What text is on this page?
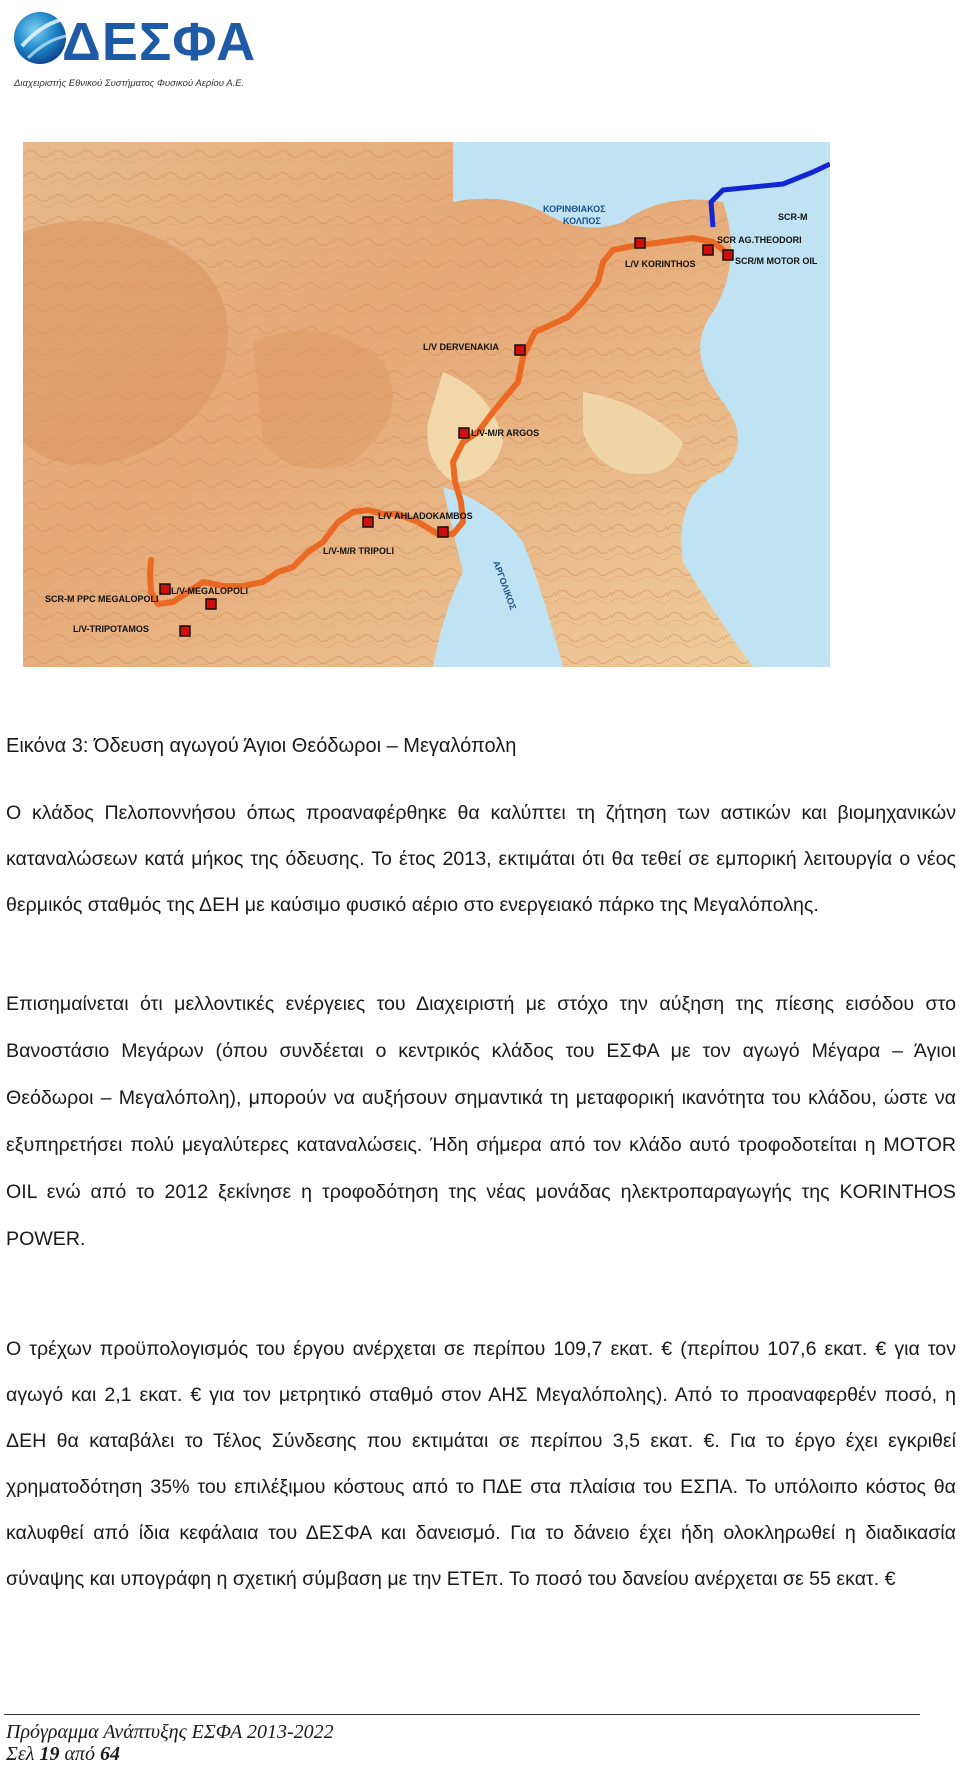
ΔΕΣΦΑ
Διαχειριστής Εθνικού Συστήματος Φυσικού Αερίου Α.Ε.
ΚΟΡΙΝΘΙΑΚΟΣ
ΚΟΛΠΟΣ
ΑΡΓΟΛΙΚΟΣ
SCR AG.THEODORI
SCR/M MOTOR OIL
L/V KORINTHOS
L/V DERVENAKIA
L/V-M/R ARGOS
L/V AHLADOKAMBOS
L/V-M/R TRIPOLI
L/V-MEGALOPOLI
SCR-M PPC MEGALOPOLI
L/V-TRIPOTAMOS
SCR-M
Εικόνα 3: Όδευση αγωγού Άγιοι Θεόδωροι – Μεγαλόπολη

Ο κλάδος Πελοποννήσου όπως προαναφέρθηκε θα καλύπτει τη ζήτηση των αστικών και βιομηχανικών καταναλώσεων κατά μήκος της όδευσης. Το έτος 2013, εκτιμάται ότι θα τεθεί σε εμπορική λειτουργία ο νέος θερμικός σταθμός της ΔΕΗ με καύσιμο φυσικό αέριο στο ενεργειακό πάρκο της Μεγαλόπολης.

Επισημαίνεται ότι μελλοντικές ενέργειες του Διαχειριστή με στόχο την αύξηση της πίεσης εισόδου στο Βανοστάσιο Μεγάρων (όπου συνδέεται ο κεντρικός κλάδος του ΕΣΦΑ με τον αγωγό Μέγαρα – Άγιοι Θεόδωροι – Μεγαλόπολη), μπορούν να αυξήσουν σημαντικά τη μεταφορική ικανότητα του κλάδου, ώστε να εξυπηρετήσει πολύ μεγαλύτερες καταναλώσεις. Ήδη σήμερα από τον κλάδο αυτό τροφοδοτείται η MOTOR OIL ενώ από το 2012 ξεκίνησε η τροφοδότηση της νέας μονάδας ηλεκτροπαραγωγής της KORINTHOS POWER.

Ο τρέχων προϋπολογισμός του έργου ανέρχεται σε περίπου 109,7 εκατ. € (περίπου 107,6 εκατ. € για τον αγωγό και 2,1 εκατ. € για τον μετρητικό σταθμό στον ΑΗΣ Μεγαλόπολης). Από το προαναφερθέν ποσό, η ΔΕΗ θα καταβάλει το Τέλος Σύνδεσης που εκτιμάται σε περίπου 3,5 εκατ. €. Για το έργο έχει εγκριθεί χρηματοδότηση 35% του επιλέξιμου κόστους από το ΠΔΕ στα πλαίσια του ΕΣΠΑ. Το υπόλοιπο κόστος θα καλυφθεί από ίδια κεφάλαια του ΔΕΣΦΑ και δανεισμό. Για το δάνειο έχει ήδη ολοκληρωθεί η διαδικασία σύναψης και υπογράφη η σχετική σύμβαση με την ΕΤΕπ. Το ποσό του δανείου ανέρχεται σε 55 εκατ. €

Πρόγραμμα Ανάπτυξης ΕΣΦΑ 2013-2022
Σελ 19 από 64
